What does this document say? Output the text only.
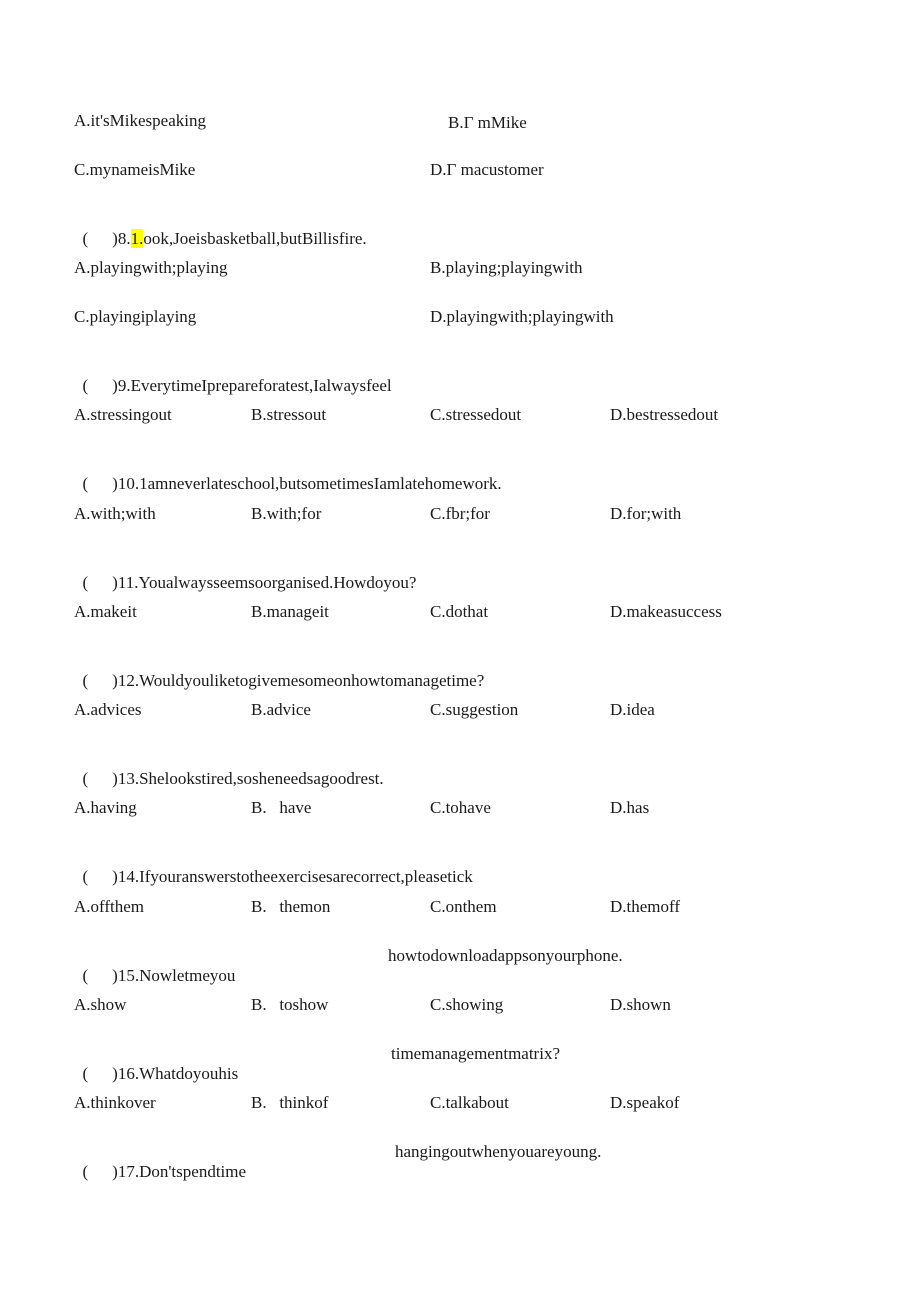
A.it'sMikespeaking	B.Γ mMike
C.mynameisMike	D.Γ macustomer

( )8.1.ook,Joeisbasketball,butBillisfire.

A.playingwith;playing	B.playing;playingwith
C.playingiplaying	D.playingwith;playingwith

( )9.EverytimeIprepareforatest,Ialwaysfeel

A.stressingout	B.stressout	C.stressedout	D.bestressedout

( )10.1amneverlateschool,butsometimesIamlatehomework.

A.with;with	B.with;for	C.fbr;for	D.for;with

( )11.Youalwaysseemsoorganised.Howdoyou?

A.makeit	B.manageit	C.dothat	D.makeasuccess

( )12.Wouldyouliketogivemesomeonhowtomanagetime?

A.advices	B.advice	C.suggestion	D.idea

( )13.Shelookstired,sosheneedsagoodrest.

A.having	B.   have	C.tohave	D.has

( )14.Ifyouranswerstotheexercisesarecorrect,pleasetick

A.offthem	B.   themon	C.onthem	D.themoff

( )15.Nowletmeyou

howtodownloadappsonyourphone.
A.show	B.   toshow	C.showing	D.shown

( )16.Whatdoyouhis

timemanagementmatrix?
A.thinkover	B.   thinkof	C.talkabout	D.speakof

( )17.Don'tspendtime

hangingoutwhenyouareyoung.
